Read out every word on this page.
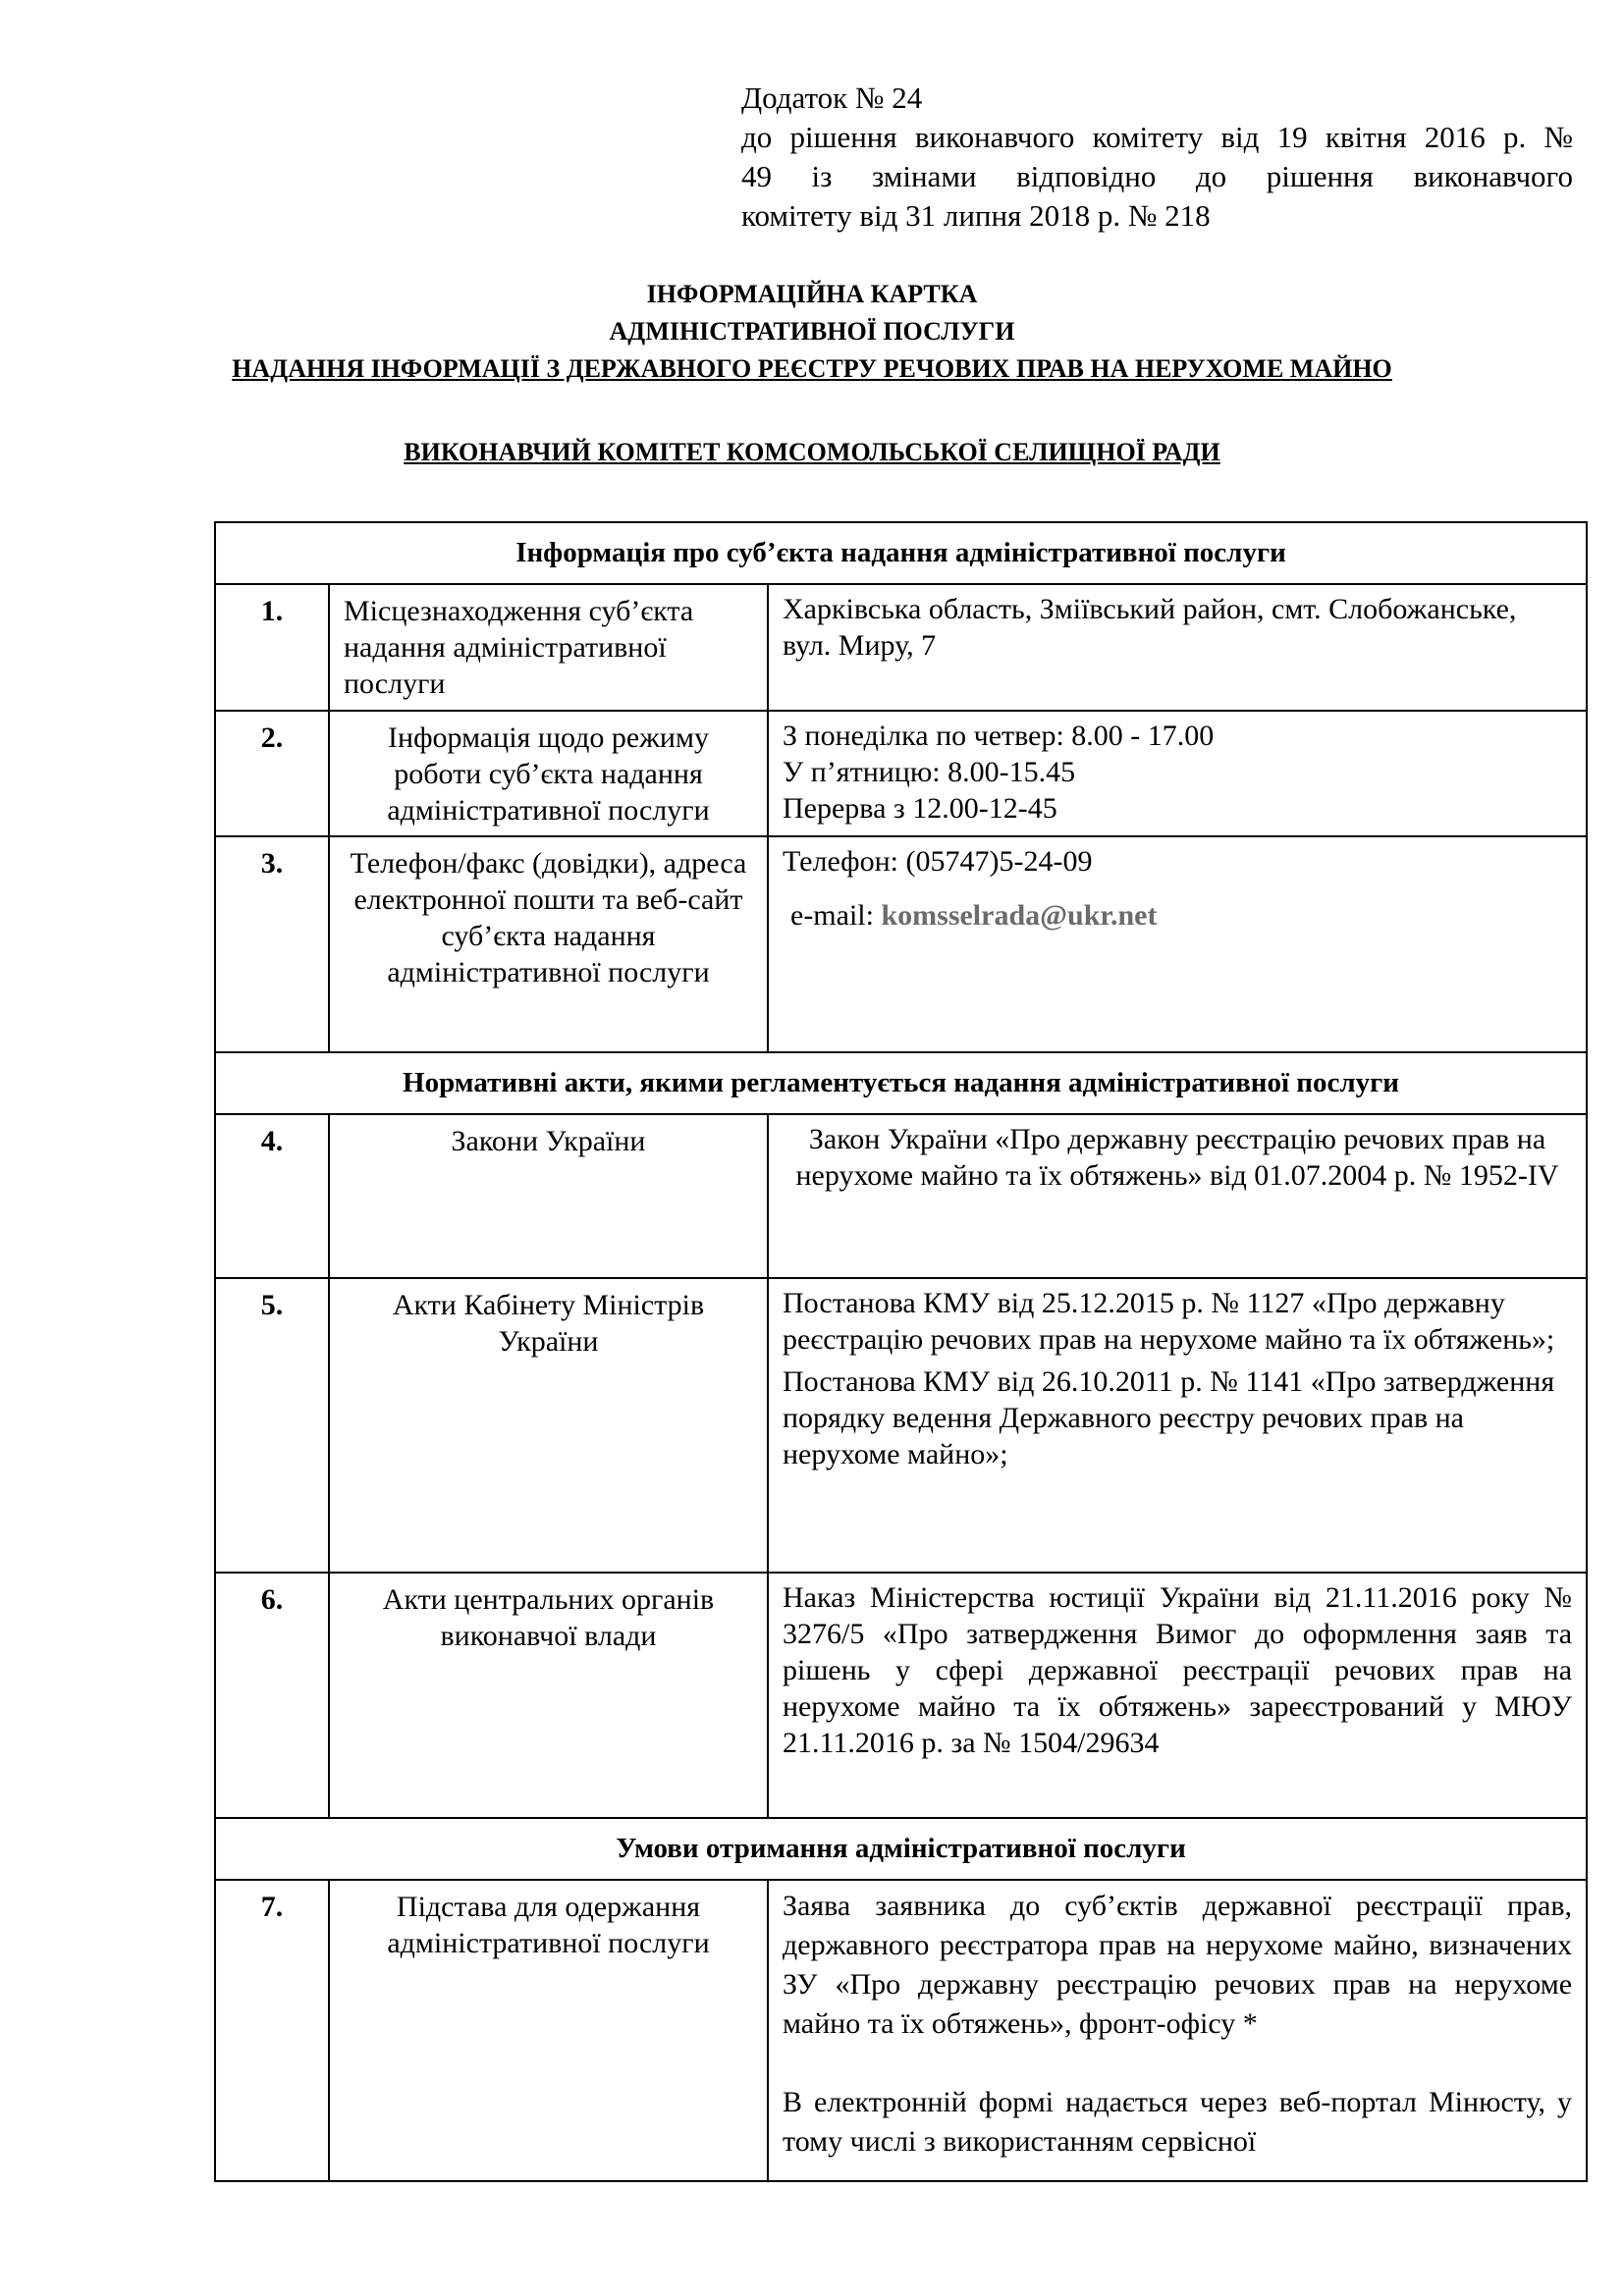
Додаток № 24
до рішення виконавчого комітету від 19 квітня 2016 р. №
49 із змінами відповідно до рішення виконавчого
комітету від 31 липня 2018 р. № 218
ІНФОРМАЦІЙНА КАРТКА
АДМІНІСТРАТИВНОЇ ПОСЛУГИ
НАДАННЯ ІНФОРМАЦІЇ З ДЕРЖАВНОГО РЕЄСТРУ РЕЧОВИХ ПРАВ НА НЕРУХОМЕ МАЙНО
ВИКОНАВЧИЙ КОМІТЕТ КОМСОМОЛЬСЬКОЇ СЕЛИЩНОЇ РАДИ
Інформація про суб’єкта надання адміністративної послуги		
1.	Місцезнаходження суб’єкта надання адміністративної послуги	Харківська область, Зміївський район, смт. Слобожанське, вул. Миру, 7
2.	Інформація щодо режиму роботи суб’єкта надання адміністративної послуги	З понеділка по четвер: 8.00 - 17.00
У п’ятницю: 8.00-15.45
Перерва з 12.00-12-45

3.	Телефон/факс (довідки), адреса електронної пошти та веб-сайт суб’єкта надання адміністративної послуги	Телефон: (05747)5-24-09
e-mail: komsselrada@ukr.net

Нормативні акти, якими регламентується надання адміністративної послуги		
4.	Закони України	Закон України «Про державну реєстрацію речових прав на нерухоме майно та їх обтяжень» від 01.07.2004 р. № 1952-IV
5.	Акти Кабінету Міністрів України	Постанова КМУ від 25.12.2015 р. № 1127 «Про державну реєстрацію речових прав на нерухоме майно та їх обтяжень»;
Постанова КМУ від 26.10.2011 р. № 1141 «Про затвердження порядку ведення Державного реєстру речових прав на нерухоме майно»;

6.	Акти центральних органів виконавчої влади	Наказ Міністерства юстиції України від 21.11.2016 року № 3276/5 «Про затвердження Вимог до оформлення заяв та рішень у сфері державної реєстрації речових прав на нерухоме майно та їх обтяжень» зареєстрований у МЮУ 21.11.2016 р. за № 1504/29634
Умови отримання адміністративної послуги		
7.	Підстава для одержання адміністративної послуги	Заява заявника до суб’єктів державної реєстрації прав, державного реєстратора прав на нерухоме майно, визначених ЗУ «Про державну реєстрацію речових прав на нерухоме майно та їх обтяжень», фронт-офісу *
В електронній формі надається через веб-портал Мінюсту, у тому числі з використанням сервісної
